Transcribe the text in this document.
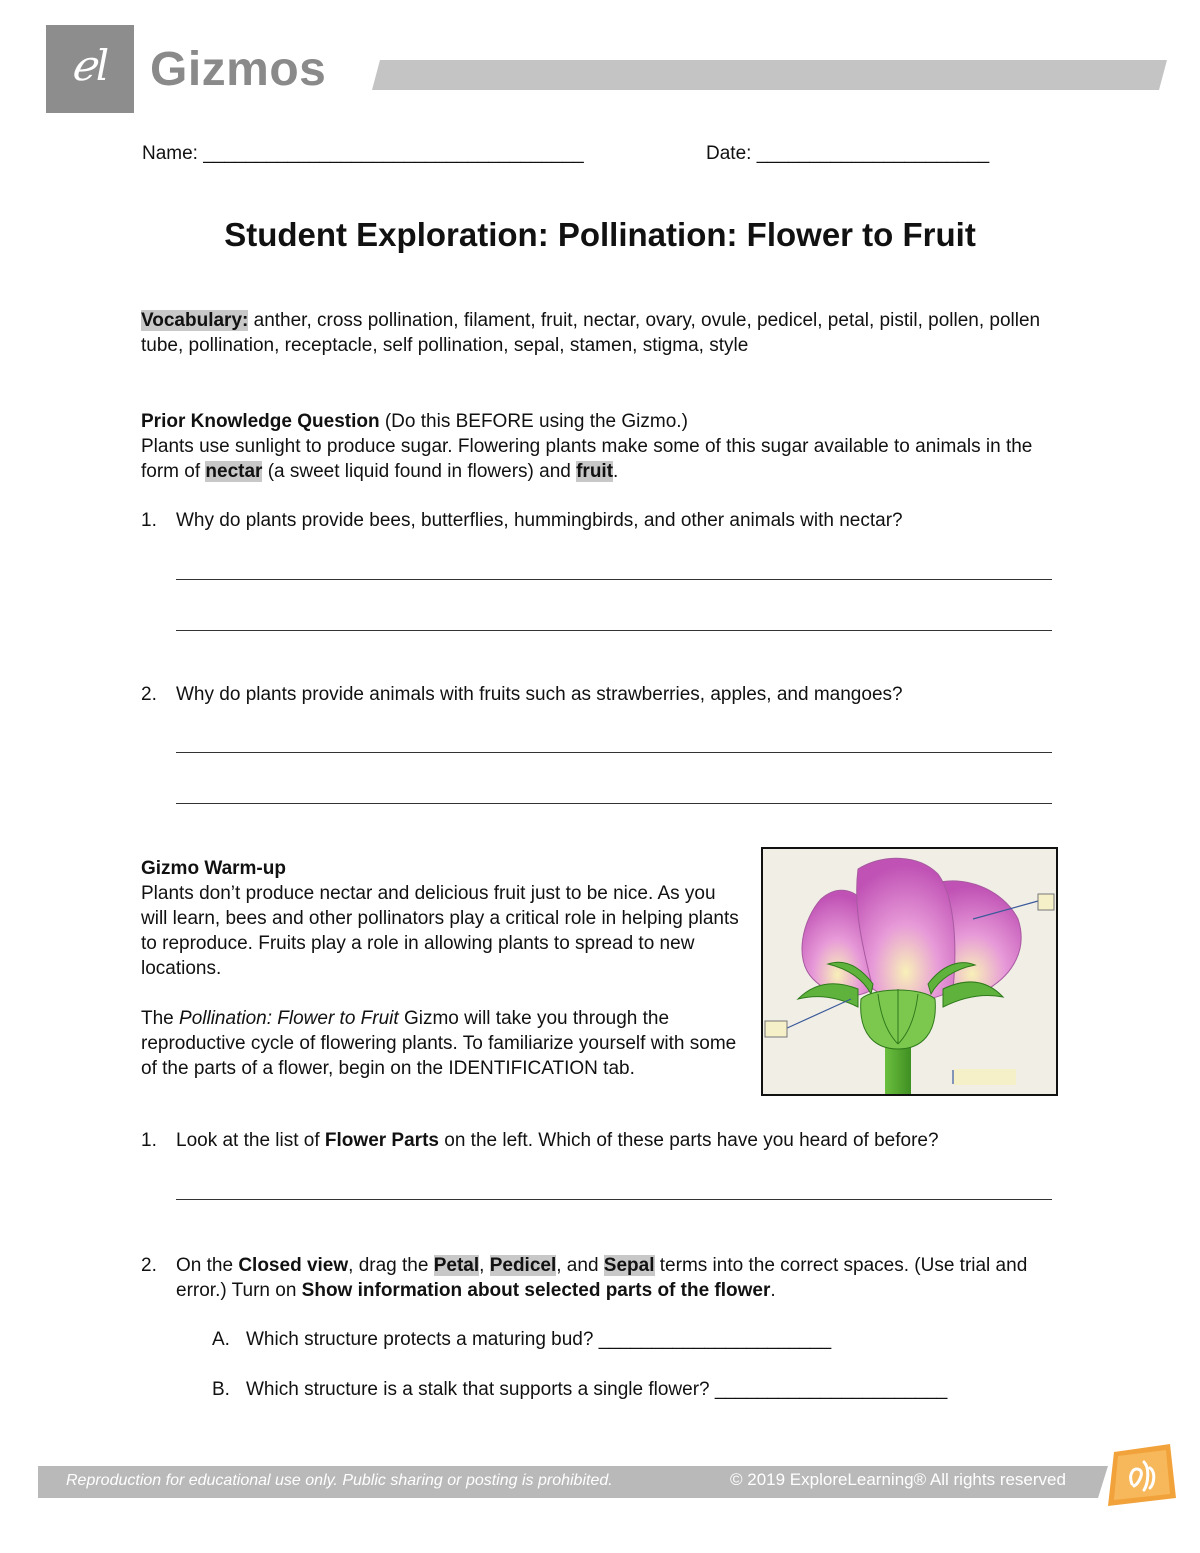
ℯl Gizmos
Name: ____________________________________	Date: ______________________
Student Exploration: Pollination: Flower to Fruit
Vocabulary: anther, cross pollination, filament, fruit, nectar, ovary, ovule, pedicel, petal, pistil, pollen, pollen tube, pollination, receptacle, self pollination, sepal, stamen, stigma, style
Prior Knowledge Question (Do this BEFORE using the Gizmo.)
Plants use sunlight to produce sugar. Flowering plants make some of this sugar available to animals in the form of nectar (a sweet liquid found in flowers) and fruit.
1. Why do plants provide bees, butterflies, hummingbirds, and other animals with nectar?
2. Why do plants provide animals with fruits such as strawberries, apples, and mangoes?
Gizmo Warm-up
Plants don’t produce nectar and delicious fruit just to be nice. As you will learn, bees and other pollinators play a critical role in helping plants to reproduce. Fruits play a role in allowing plants to spread to new locations.
The Pollination: Flower to Fruit Gizmo will take you through the reproductive cycle of flowering plants. To familiarize yourself with some of the parts of a flower, begin on the IDENTIFICATION tab.
1. Look at the list of Flower Parts on the left. Which of these parts have you heard of before?
2. On the Closed view, drag the Petal, Pedicel, and Sepal terms into the correct spaces. (Use trial and error.) Turn on Show information about selected parts of the flower.
A. Which structure protects a maturing bud? ______________________
B. Which structure is a stalk that supports a single flower? ______________________
Reproduction for educational use only. Public sharing or posting is prohibited.	© 2019 ExploreLearning® All rights reserved
